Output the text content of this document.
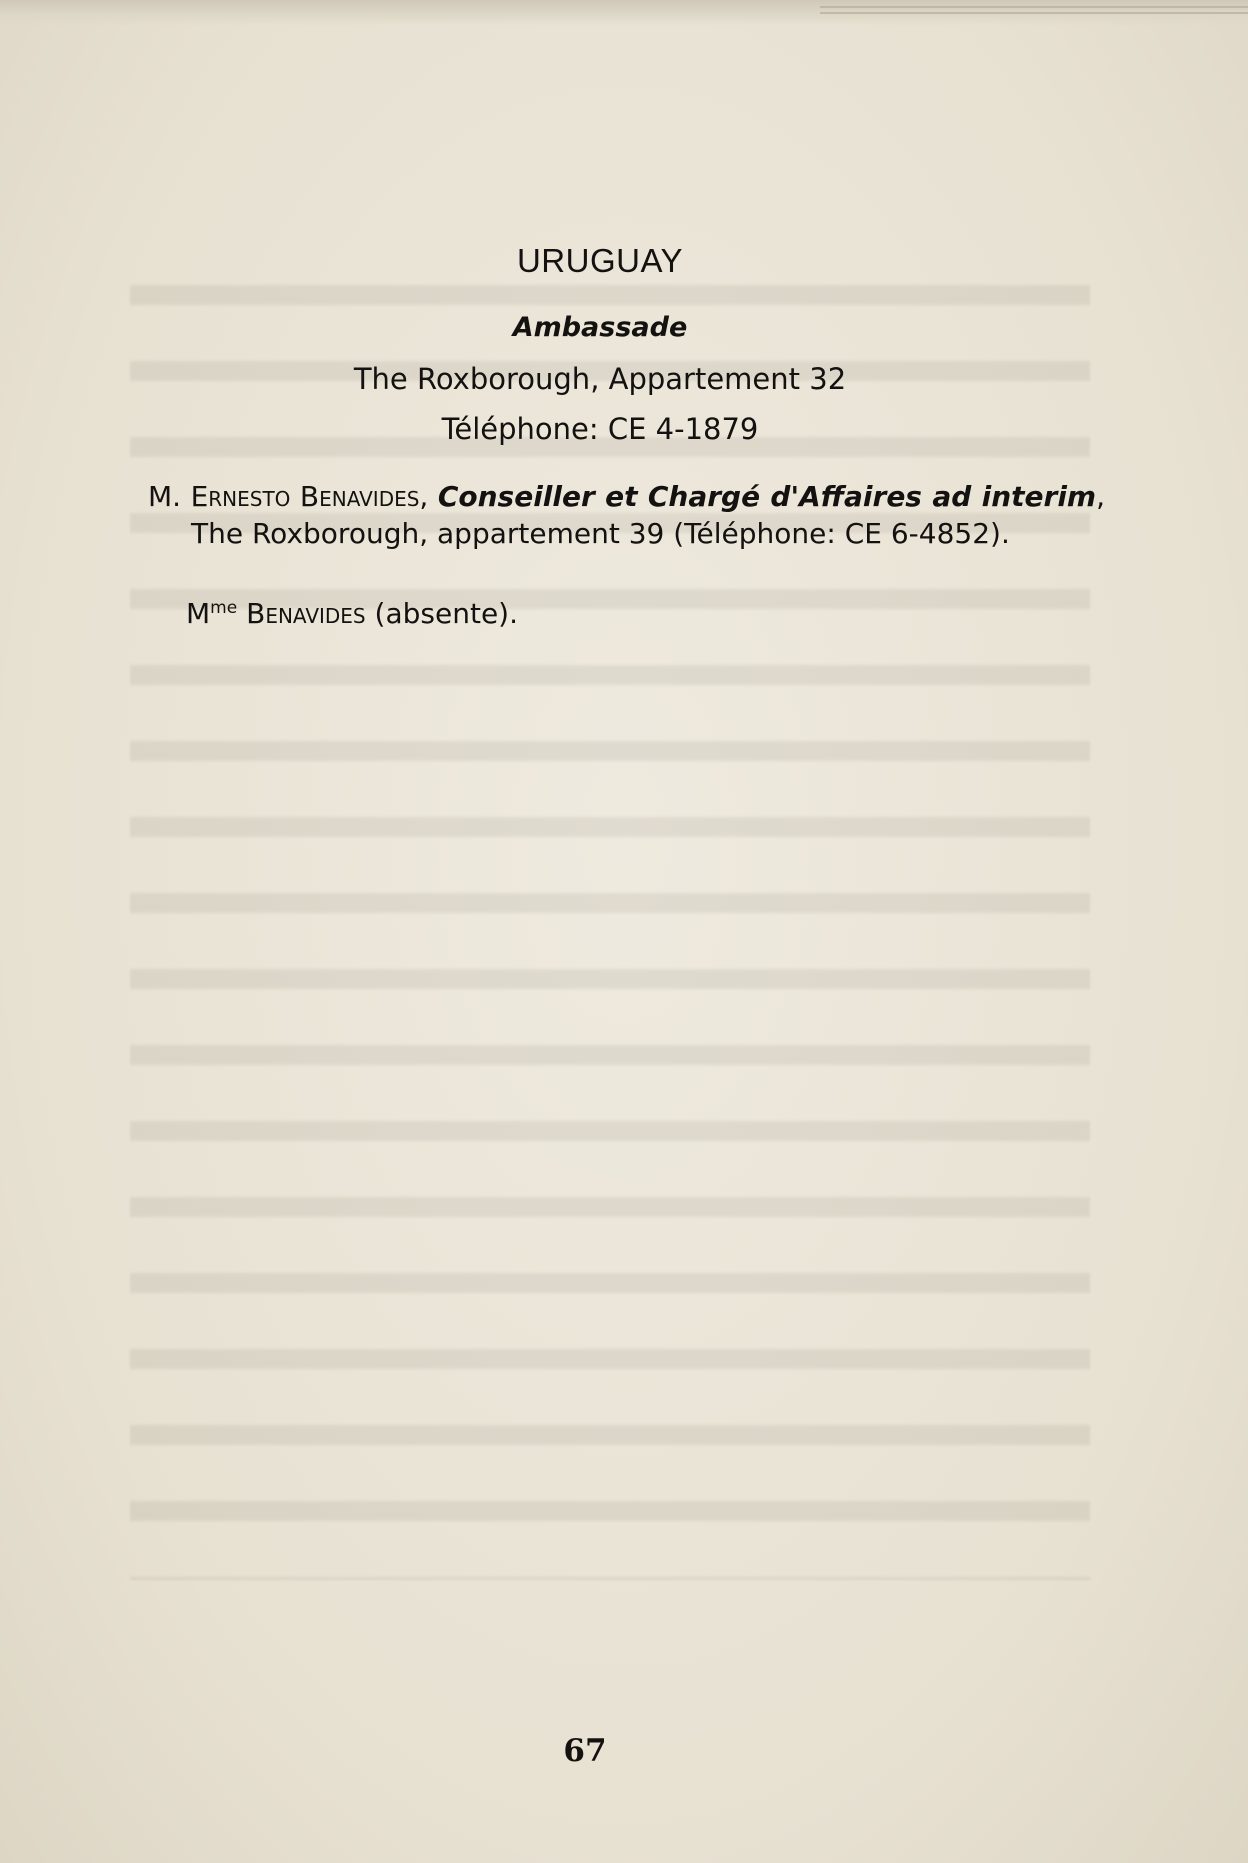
URUGUAY
Ambassade
The Roxborough, Appartement 32
Téléphone: CE 4-1879
M. Ernesto Benavides, Conseiller et Chargé d'Affaires ad interim, The Roxborough, appartement 39 (Téléphone: CE 6-4852).
$M^{me}$ Benavides (absente).
67
